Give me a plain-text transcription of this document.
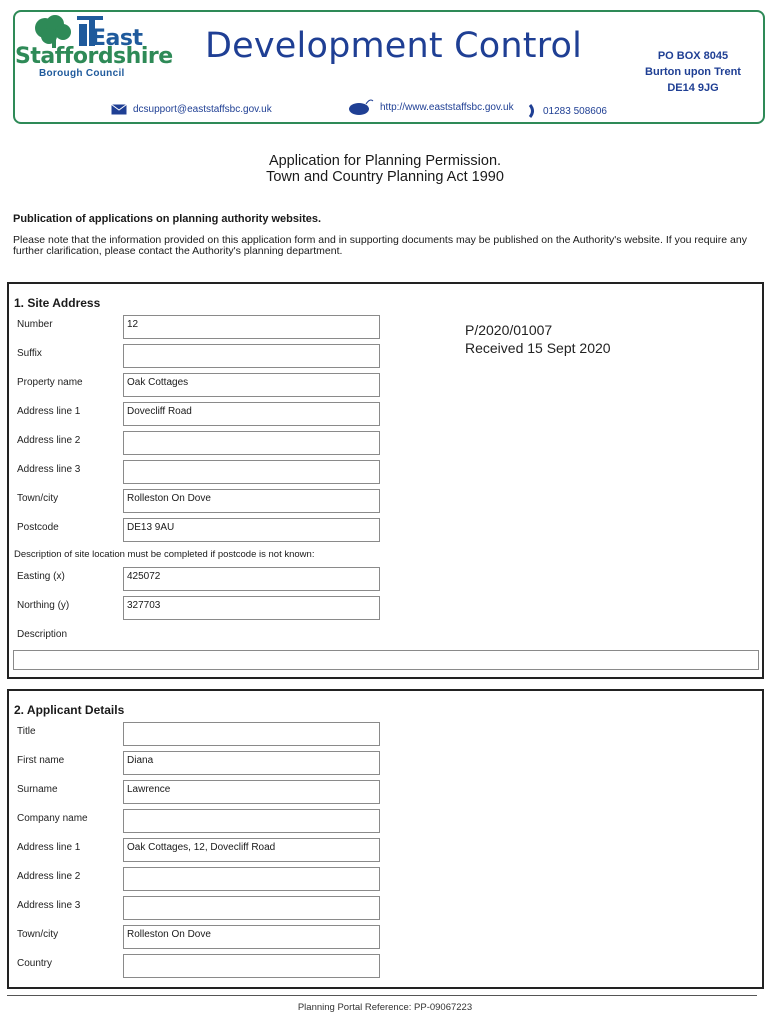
East
Staffordshire
Borough Council
Development Control	PO BOX 8045
Burton upon Trent
DE14 9JG
dcsupport@eaststaffsbc.gov.uk	http://www.eaststaffsbc.gov.uk	01283 508606
Application for Planning Permission.
Town and Country Planning Act 1990
Publication of applications on planning authority websites.
Please note that the information provided on this application form and in supporting documents may be published on the Authority's website. If you require any further clarification, please contact the Authority's planning department.
1. Site Address
Number	12
Suffix
Property name	Oak Cottages
Address line 1	Dovecliff Road
Address line 2
Address line 3
Town/city	Rolleston On Dove
Postcode	DE13 9AU
Description of site location must be completed if postcode is not known:
Easting (x)	425072
Northing (y)	327703
Description
P/2020/01007
Received 15 Sept 2020
2. Applicant Details
Title
First name	Diana
Surname	Lawrence
Company name
Address line 1	Oak Cottages, 12, Dovecliff Road
Address line 2
Address line 3
Town/city	Rolleston On Dove
Country
Planning Portal Reference: PP-09067223
